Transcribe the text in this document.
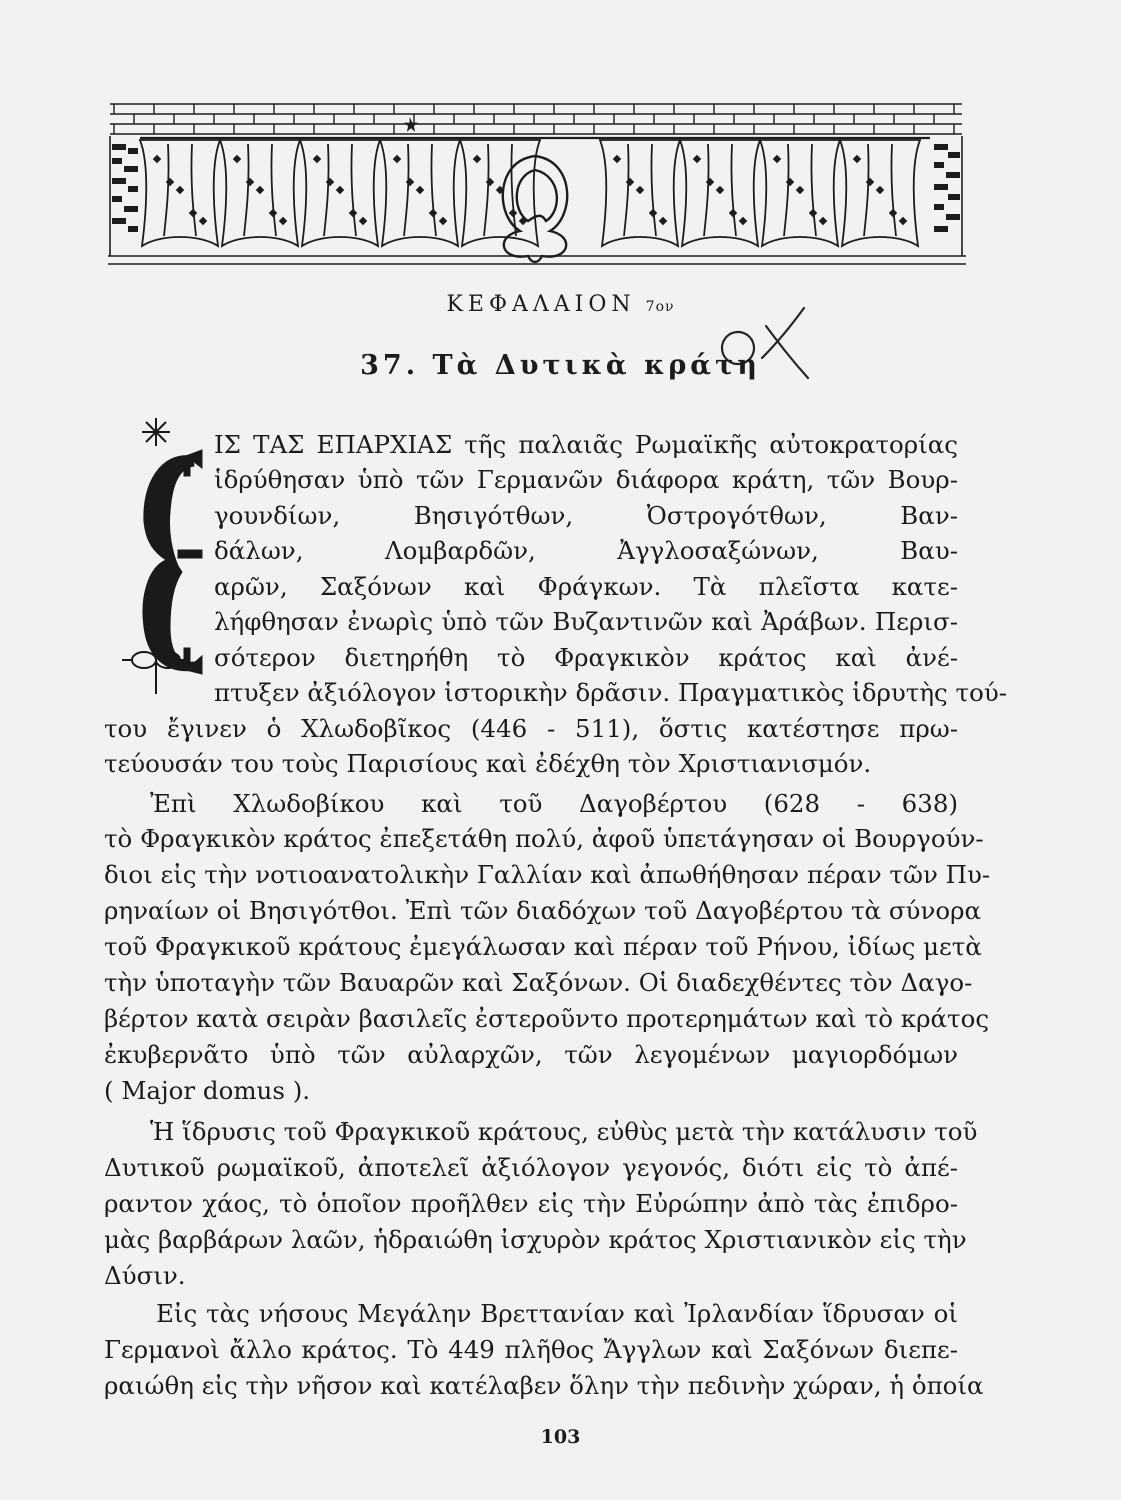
ΚΕΦΑΛΑΙΟΝ 7ον
37. Τὰ Δυτικὰ κράτη
ΙΣ ΤΑΣ ΕΠΑΡΧΙΑΣ τῆς παλαιᾶς Ρωμαϊκῆς αὐτοκρατορίας
ἱδρύθησαν ὑπὸ τῶν Γερμανῶν διάφορα κράτη, τῶν Βουρ-
γουνδίων, Βησιγότθων, Ὀστρογότθων, Βαν-
δάλων, Λομβαρδῶν, Ἀγγλοσαξώνων, Βαυ-
αρῶν, Σαξόνων καὶ Φράγκων. Τὰ πλεῖστα κατε-
λήφθησαν ἐνωρὶς ὑπὸ τῶν Βυζαντινῶν καὶ Ἀράβων. Περισ-
σότερον διετηρήθη τὸ Φραγκικὸν κράτος καὶ ἀνέ-
πτυξεν ἀξιόλογον ἱστορικὴν δρᾶσιν. Πραγματικὸς ἱδρυτὴς τού-
του ἔγινεν ὁ Χλωδοβῖκος (446 - 511), ὅστις κατέστησε πρω-
τεύουσάν του τοὺς Παρισίους καὶ ἐδέχθη τὸν Χριστιανισμόν.
Ἐπὶ Χλωδοβίκου καὶ τοῦ Δαγοβέρτου (628 - 638)
τὸ Φραγκικὸν κράτος ἐπεξετάθη πολύ, ἀφοῦ ὑπετάγησαν οἱ Βουργούν-
διοι εἰς τὴν νοτιοανατολικὴν Γαλλίαν καὶ ἀπωθήθησαν πέραν τῶν Πυ-
ρηναίων οἱ Βησιγότθοι. Ἐπὶ τῶν διαδόχων τοῦ Δαγοβέρτου τὰ σύνορα
τοῦ Φραγκικοῦ κράτους ἐμεγάλωσαν καὶ πέραν τοῦ Ρήνου, ἰδίως μετὰ
τὴν ὑποταγὴν τῶν Βαυαρῶν καὶ Σαξόνων. Οἱ διαδεχθέντες τὸν Δαγο-
βέρτον κατὰ σειρὰν βασιλεῖς ἐστεροῦντο προτερημάτων καὶ τὸ κράτος
ἐκυβερνᾶτο ὑπὸ τῶν αὐλαρχῶν, τῶν λεγομένων μαγιορδόμων
( Major domus ).
Ἡ ἵδρυσις τοῦ Φραγκικοῦ κράτους, εὐθὺς μετὰ τὴν κατάλυσιν τοῦ
Δυτικοῦ ρωμαϊκοῦ, ἀποτελεῖ ἀξιόλογον γεγονός, διότι εἰς τὸ ἀπέ-
ραντον χάος, τὸ ὁποῖον προῆλθεν εἰς τὴν Εὐρώπην ἀπὸ τὰς ἐπιδρο-
μὰς βαρβάρων λαῶν, ἡδραιώθη ἰσχυρὸν κράτος Χριστιανικὸν εἰς τὴν
Δύσιν.
Εἰς τὰς νήσους Μεγάλην Βρεττανίαν καὶ Ἰρλανδίαν ἵδρυσαν οἱ
Γερμανοὶ ἄλλο κράτος. Τὸ 449 πλῆθος Ἄγγλων καὶ Σαξόνων διεπε-
ραιώθη εἰς τὴν νῆσον καὶ κατέλαβεν ὅλην τὴν πεδινὴν χώραν, ἡ ὁποία
103
